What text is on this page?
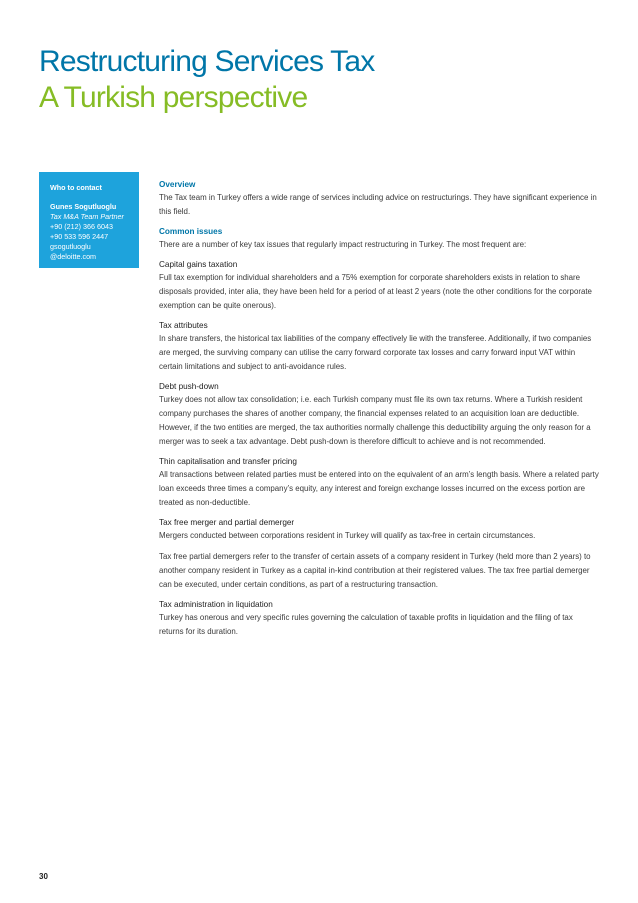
Restructuring Services Tax
A Turkish perspective
Who to contact
Gunes Sogutluoglu
Tax M&A Team Partner
+90 (212) 366 6043
+90 533 596 2447
gsogutluoglu
@deloitte.com
Overview

The Tax team in Turkey offers a wide range of services including advice on restructurings. They have significant experience in this field.

Common issues

There are a number of key tax issues that regularly impact restructuring in Turkey. The most frequent are:

Capital gains taxation

Full tax exemption for individual shareholders and a 75% exemption for corporate shareholders exists in relation to share disposals provided, inter alia, they have been held for a period of at least 2 years (note the other conditions for the corporate exemption can be quite onerous).

Tax attributes

In share transfers, the historical tax liabilities of the company effectively lie with the transferee. Additionally, if two companies are merged, the surviving company can utilise the carry forward corporate tax losses and carry forward input VAT within certain limitations and subject to anti-avoidance rules.

Debt push-down

Turkey does not allow tax consolidation; i.e. each Turkish company must file its own tax returns. Where a Turkish resident company purchases the shares of another company, the financial expenses related to an acquisition loan are deductible. However, if the two entities are merged, the tax authorities normally challenge this deductibility arguing the only reason for a merger was to seek a tax advantage. Debt push-down is therefore difficult to achieve and is not recommended.

Thin capitalisation and transfer pricing

All transactions between related parties must be entered into on the equivalent of an arm’s length basis. Where a related party loan exceeds three times a company’s equity, any interest and foreign exchange losses incurred on the excess portion are treated as non-deductible.

Tax free merger and partial demerger

Mergers conducted between corporations resident in Turkey will qualify as tax-free in certain circumstances.

Tax free partial demergers refer to the transfer of certain assets of a company resident in Turkey (held more than 2 years) to another company resident in Turkey as a capital in-kind contribution at their registered values. The tax free partial demerger can be executed, under certain conditions, as part of a restructuring transaction.

Tax administration in liquidation

Turkey has onerous and very specific rules governing the calculation of taxable profits in liquidation and the filing of tax returns for its duration.

30
